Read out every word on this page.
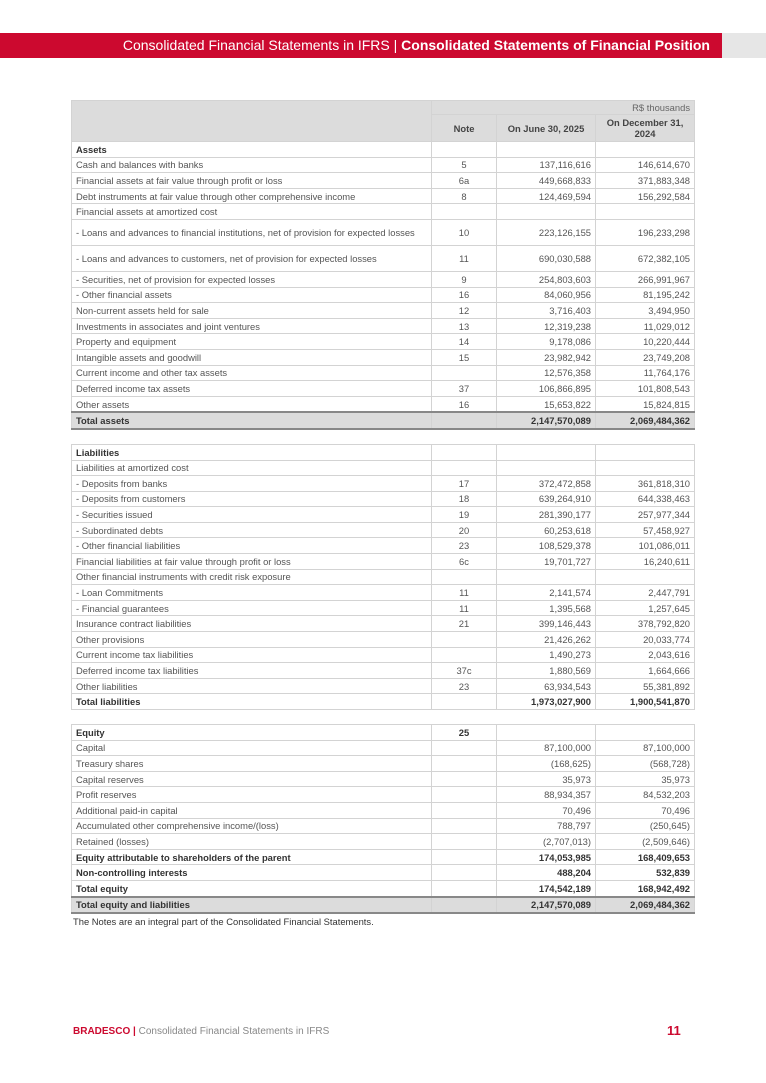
Consolidated Financial Statements in IFRS | Consolidated Statements of Financial Position
	R$ thousands		
	Note	On June 30, 2025	On December 31, 2024
Assets			
Cash and balances with banks	5	137,116,616	146,614,670
Financial assets at fair value through profit or loss	6a	449,668,833	371,883,348
Debt instruments at fair value through other comprehensive income	8	124,469,594	156,292,584
Financial assets at amortized cost			
- Loans and advances to financial institutions, net of provision for expected losses	10	223,126,155	196,233,298
- Loans and advances to customers, net of provision for expected losses	11	690,030,588	672,382,105
- Securities, net of provision for expected losses	9	254,803,603	266,991,967
- Other financial assets	16	84,060,956	81,195,242
Non-current assets held for sale	12	3,716,403	3,494,950
Investments in associates and joint ventures	13	12,319,238	11,029,012
Property and equipment	14	9,178,086	10,220,444
Intangible assets and goodwill	15	23,982,942	23,749,208
Current income and other tax assets		12,576,358	11,764,176
Deferred income tax assets	37	106,866,895	101,808,543
Other assets	16	15,653,822	15,824,815
Total assets		2,147,570,089	2,069,484,362

Liabilities			
Liabilities at amortized cost			
- Deposits from banks	17	372,472,858	361,818,310
- Deposits from customers	18	639,264,910	644,338,463
- Securities issued	19	281,390,177	257,977,344
- Subordinated debts	20	60,253,618	57,458,927
- Other financial liabilities	23	108,529,378	101,086,011
Financial liabilities at fair value through profit or loss	6c	19,701,727	16,240,611
Other financial instruments with credit risk exposure			
- Loan Commitments	11	2,141,574	2,447,791
- Financial guarantees	11	1,395,568	1,257,645
Insurance contract liabilities	21	399,146,443	378,792,820
Other provisions		21,426,262	20,033,774
Current income tax liabilities		1,490,273	2,043,616
Deferred income tax liabilities	37c	1,880,569	1,664,666
Other liabilities	23	63,934,543	55,381,892
Total liabilities		1,973,027,900	1,900,541,870

Equity	25		
Capital		87,100,000	87,100,000
Treasury shares		(168,625)	(568,728)
Capital reserves		35,973	35,973
Profit reserves		88,934,357	84,532,203
Additional paid-in capital		70,496	70,496
Accumulated other comprehensive income/(loss)		788,797	(250,645)
Retained (losses)		(2,707,013)	(2,509,646)
Equity attributable to shareholders of the parent		174,053,985	168,409,653
Non-controlling interests		488,204	532,839
Total equity		174,542,189	168,942,492
Total equity and liabilities		2,147,570,089	2,069,484,362
The Notes are an integral part of the Consolidated Financial Statements.
BRADESCO | Consolidated Financial Statements in IFRS	11
